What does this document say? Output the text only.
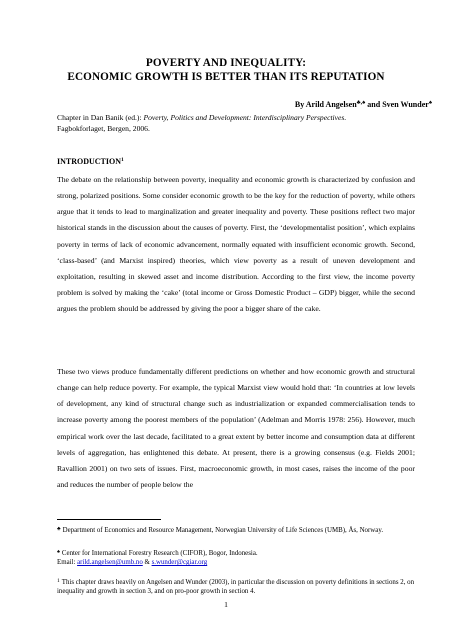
POVERTY AND INEQUALITY:
ECONOMIC GROWTH IS BETTER THAN ITS REPUTATION
By Arild Angelsen♣,♠ and Sven Wunder♠
Chapter in Dan Banik (ed.): Poverty, Politics and Development: Interdisciplinary Perspectives.
Fagbokforlaget, Bergen, 2006.
INTRODUCTION$^1$

The debate on the relationship between poverty, inequality and economic growth is characterized by confusion and strong, polarized positions. Some consider economic growth to be the key for the reduction of poverty, while others argue that it tends to lead to marginalization and greater inequality and poverty. These positions reflect two major historical stands in the discussion about the causes of poverty. First, the ‘developmentalist position’, which explains poverty in terms of lack of economic advancement, normally equated with insufficient economic growth. Second, ‘class-based’ (and Marxist inspired) theories, which view poverty as a result of uneven development and exploitation, resulting in skewed asset and income distribution. According to the first view, the income poverty problem is solved by making the ‘cake’ (total income or Gross Domestic Product – GDP) bigger, while the second argues the problem should be addressed by giving the poor a bigger share of the cake.

These two views produce fundamentally different predictions on whether and how economic growth and structural change can help reduce poverty. For example, the typical Marxist view would hold that: ‘In countries at low levels of development, any kind of structural change such as industrialization or expanded commercialisation tends to increase poverty among the poorest members of the population’ (Adelman and Morris 1978: 256). However, much empirical work over the last decade, facilitated to a great extent by better income and consumption data at different levels of aggregation, has enlightened this debate. At present, there is a growing consensus (e.g. Fields 2001; Ravallion 2001) on two sets of issues. First, macroeconomic growth, in most cases, raises the income of the poor and reduces the number of people below the

♣ Department of Economics and Resource Management, Norwegian University of Life Sciences (UMB), Ås, Norway.
♠ Center for International Forestry Research (CIFOR), Bogor, Indonesia.
Email: arild.angelsen@umb.no & s.wunder@cgiar.org
$^1$ This chapter draws heavily on Angelsen and Wunder (2003), in particular the discussion on poverty definitions in sections 2, on inequality and growth in section 3, and on pro-poor growth in section 4.
1
